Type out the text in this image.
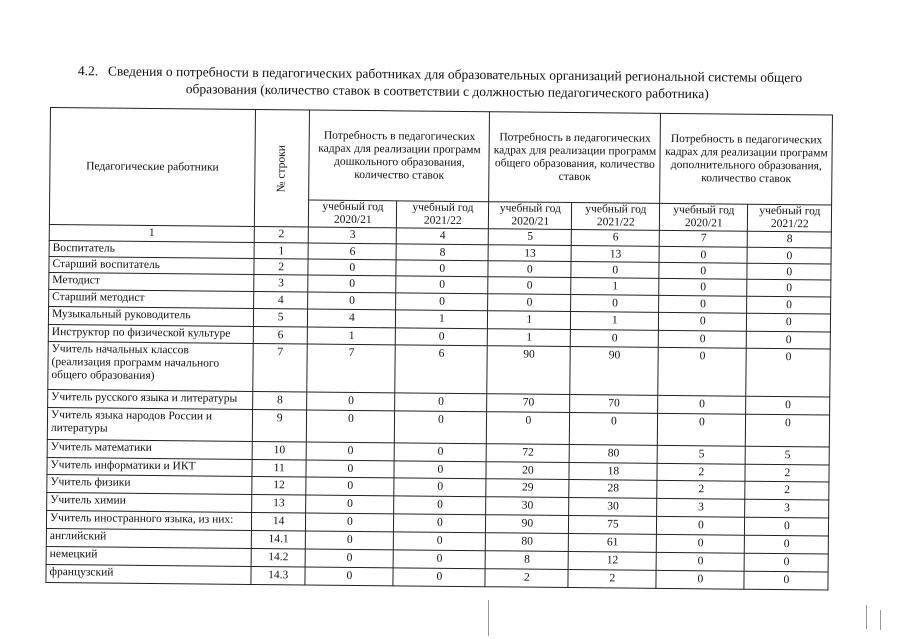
4.2. Сведения о потребности в педагогических работниках для образовательных организаций региональной системы общего
образования (количество ставок в соответствии с должностью педагогического работника)
Педагогические работники	№ строки	Потребность в педагогических кадрах для реализации программ дошкольного образования, количество ставок		Потребность в педагогических кадрах для реализации программ общего образования, количество ставок		Потребность в педагогических кадрах для реализации программ дополнительного образования, количество ставок	
		учебный год 2020/21	учебный год 2021/22	учебный год 2020/21	учебный год 2021/22	учебный год 2020/21	учебный год 2021/22
1	2	3	4	5	6	7	8
Воспитатель	1	6	8	13	13	0	0
Старший воспитатель	2	0	0	0	0	0	0
Методист	3	0	0	0	1	0	0
Старший методист	4	0	0	0	0	0	0
Музыкальный руководитель	5	4	1	1	1	0	0
Инструктор по физической культуре	6	1	0	1	0	0	0
Учитель начальных классов (реализация программ начального общего образования)	7	7	6	90	90	0	0
Учитель русского языка и литературы	8	0	0	70	70	0	0
Учитель языка народов России и литературы	9	0	0	0	0	0	0
Учитель математики	10	0	0	72	80	5	5
Учитель информатики и ИКТ	11	0	0	20	18	2	2
Учитель физики	12	0	0	29	28	2	2
Учитель химии	13	0	0	30	30	3	3
Учитель иностранного языка, из них:	14	0	0	90	75	0	0
английский	14.1	0	0	80	61	0	0
немецкий	14.2	0	0	8	12	0	0
французский	14.3	0	0	2	2	0	0
